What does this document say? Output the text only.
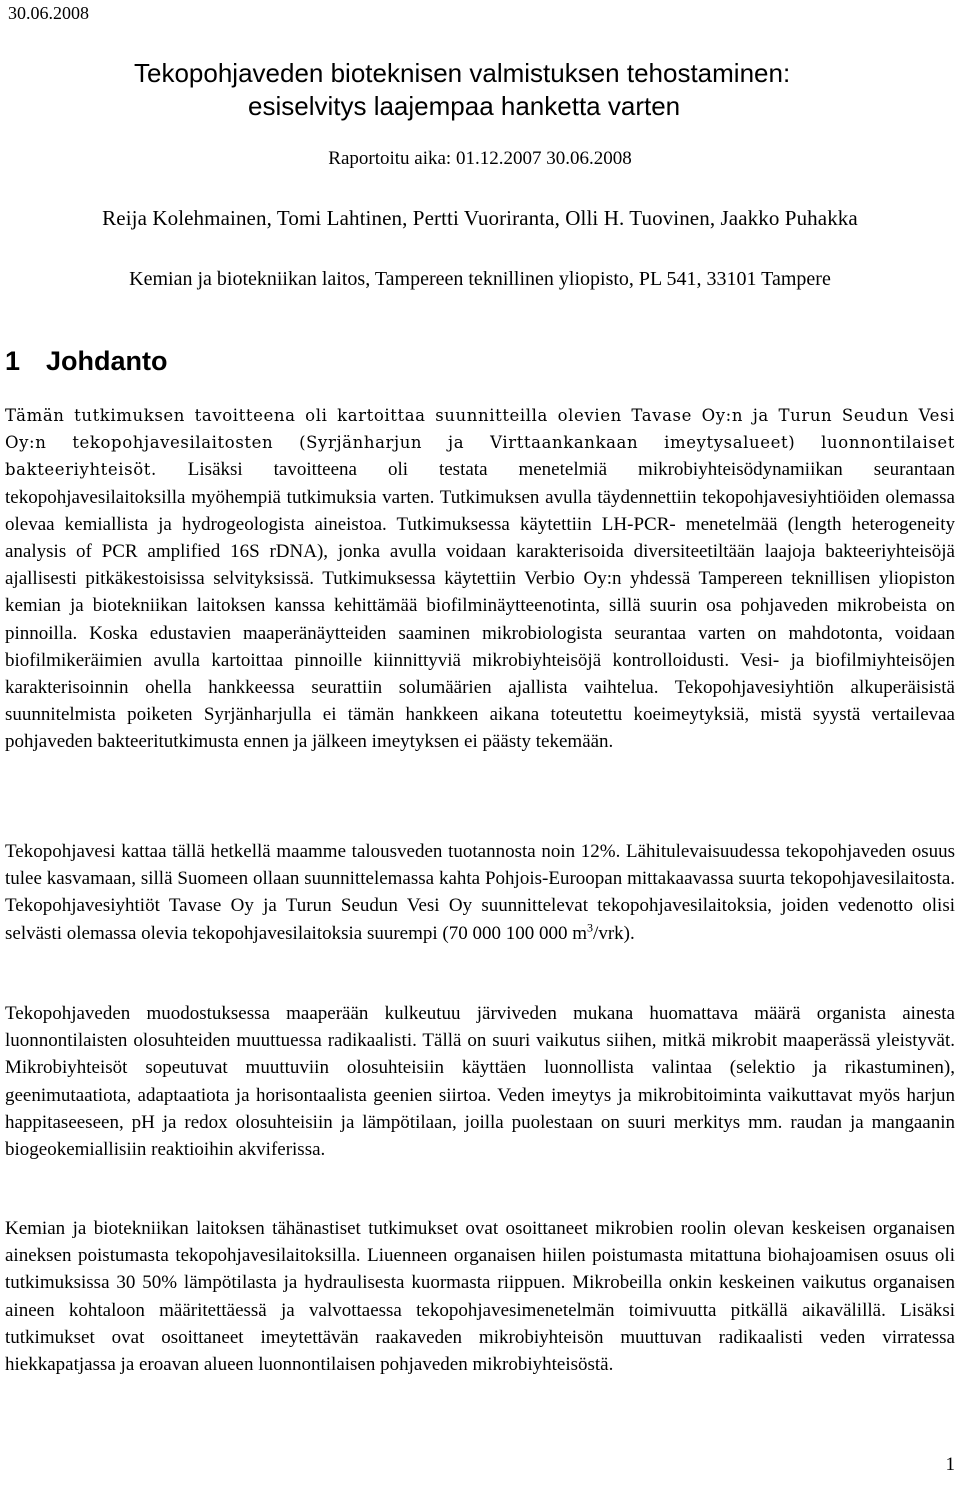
30.06.2008
Tekopohjaveden bioteknisen valmistuksen tehostaminen:
esiselvitys laajempaa hanketta varten
Raportoitu aika: 01.12.2007 30.06.2008
Reija Kolehmainen, Tomi Lahtinen, Pertti Vuoriranta, Olli H. Tuovinen, Jaakko Puhakka
Kemian ja biotekniikan laitos, Tampereen teknillinen yliopisto, PL 541, 33101 Tampere
1 Johdanto
Tämän tutkimuksen tavoitteena oli kartoittaa suunnitteilla olevien Tavase Oy:n ja Turun Seudun Vesi Oy:n tekopohjavesilaitosten (Syrjänharjun ja Virttaankankaan imeytysalueet) luonnontilaiset bakteeriyhteisöt. Lisäksi tavoitteena oli testata menetelmiä mikrobiyhteisödynamiikan seurantaan tekopohjavesilaitoksilla myöhempiä tutkimuksia varten. Tutkimuksen avulla täydennettiin tekopohjavesiyhtiöiden olemassa olevaa kemiallista ja hydrogeologista aineistoa. Tutkimuksessa käytettiin LH-PCR- menetelmää (length heterogeneity analysis of PCR amplified 16S rDNA), jonka avulla voidaan karakterisoida diversiteetiltään laajoja bakteeriyhteisöjä ajallisesti pitkäkestoisissa selvityksissä. Tutkimuksessa käytettiin Verbio Oy:n yhdessä Tampereen teknillisen yliopiston kemian ja biotekniikan laitoksen kanssa kehittämää biofilminäytteenotinta, sillä suurin osa pohjaveden mikrobeista on pinnoilla. Koska edustavien maaperänäytteiden saaminen mikrobiologista seurantaa varten on mahdotonta, voidaan biofilmikeräimien avulla kartoittaa pinnoille kiinnittyviä mikrobiyhteisöjä kontrolloidusti. Vesi- ja biofilmiyhteisöjen karakterisoinnin ohella hankkeessa seurattiin solumäärien ajallista vaihtelua. Tekopohjavesiyhtiön alkuperäisistä suunnitelmista poiketen Syrjänharjulla ei tämän hankkeen aikana toteutettu koeimeytyksiä, mistä syystä vertailevaa pohjaveden bakteeritutkimusta ennen ja jälkeen imeytyksen ei päästy tekemään.
Tekopohjavesi kattaa tällä hetkellä maamme talousveden tuotannosta noin 12%. Lähitulevaisuudessa tekopohjaveden osuus tulee kasvamaan, sillä Suomeen ollaan suunnittelemassa kahta Pohjois-Euroopan mittakaavassa suurta tekopohjavesilaitosta. Tekopohjavesiyhtiöt Tavase Oy ja Turun Seudun Vesi Oy suunnittelevat tekopohjavesilaitoksia, joiden vedenotto olisi selvästi olemassa olevia tekopohjavesilaitoksia suurempi (70 000 100 000 $m^3/vrk$).
Tekopohjaveden muodostuksessa maaperään kulkeutuu järviveden mukana huomattava määrä organista ainesta luonnontilaisten olosuhteiden muuttuessa radikaalisti. Tällä on suuri vaikutus siihen, mitkä mikrobit maaperässä yleistyvät. Mikrobiyhteisöt sopeutuvat muuttuviin olosuhteisiin käyttäen luonnollista valintaa (selektio ja rikastuminen), geenimutaatiota, adaptaatiota ja horisontaalista geenien siirtoa. Veden imeytys ja mikrobitoiminta vaikuttavat myös harjun happitaseeseen, pH ja redox olosuhteisiin ja lämpötilaan, joilla puolestaan on suuri merkitys mm. raudan ja mangaanin biogeokemiallisiin reaktioihin akviferissa.
Kemian ja biotekniikan laitoksen tähänastiset tutkimukset ovat osoittaneet mikrobien roolin olevan keskeisen organaisen aineksen poistumasta tekopohjavesilaitoksilla. Liuenneen organaisen hiilen poistumasta mitattuna biohajoamisen osuus oli tutkimuksissa 30 50% lämpötilasta ja hydraulisesta kuormasta riippuen. Mikrobeilla onkin keskeinen vaikutus organaisen aineen kohtaloon määritettäessä ja valvottaessa tekopohjavesimenetelmän toimivuutta pitkällä aikavälillä. Lisäksi tutkimukset ovat osoittaneet imeytettävän raakaveden mikrobiyhteisön muuttuvan radikaalisti veden virratessa hiekkapatjassa ja eroavan alueen luonnontilaisen pohjaveden mikrobiyhteisöstä.
1
